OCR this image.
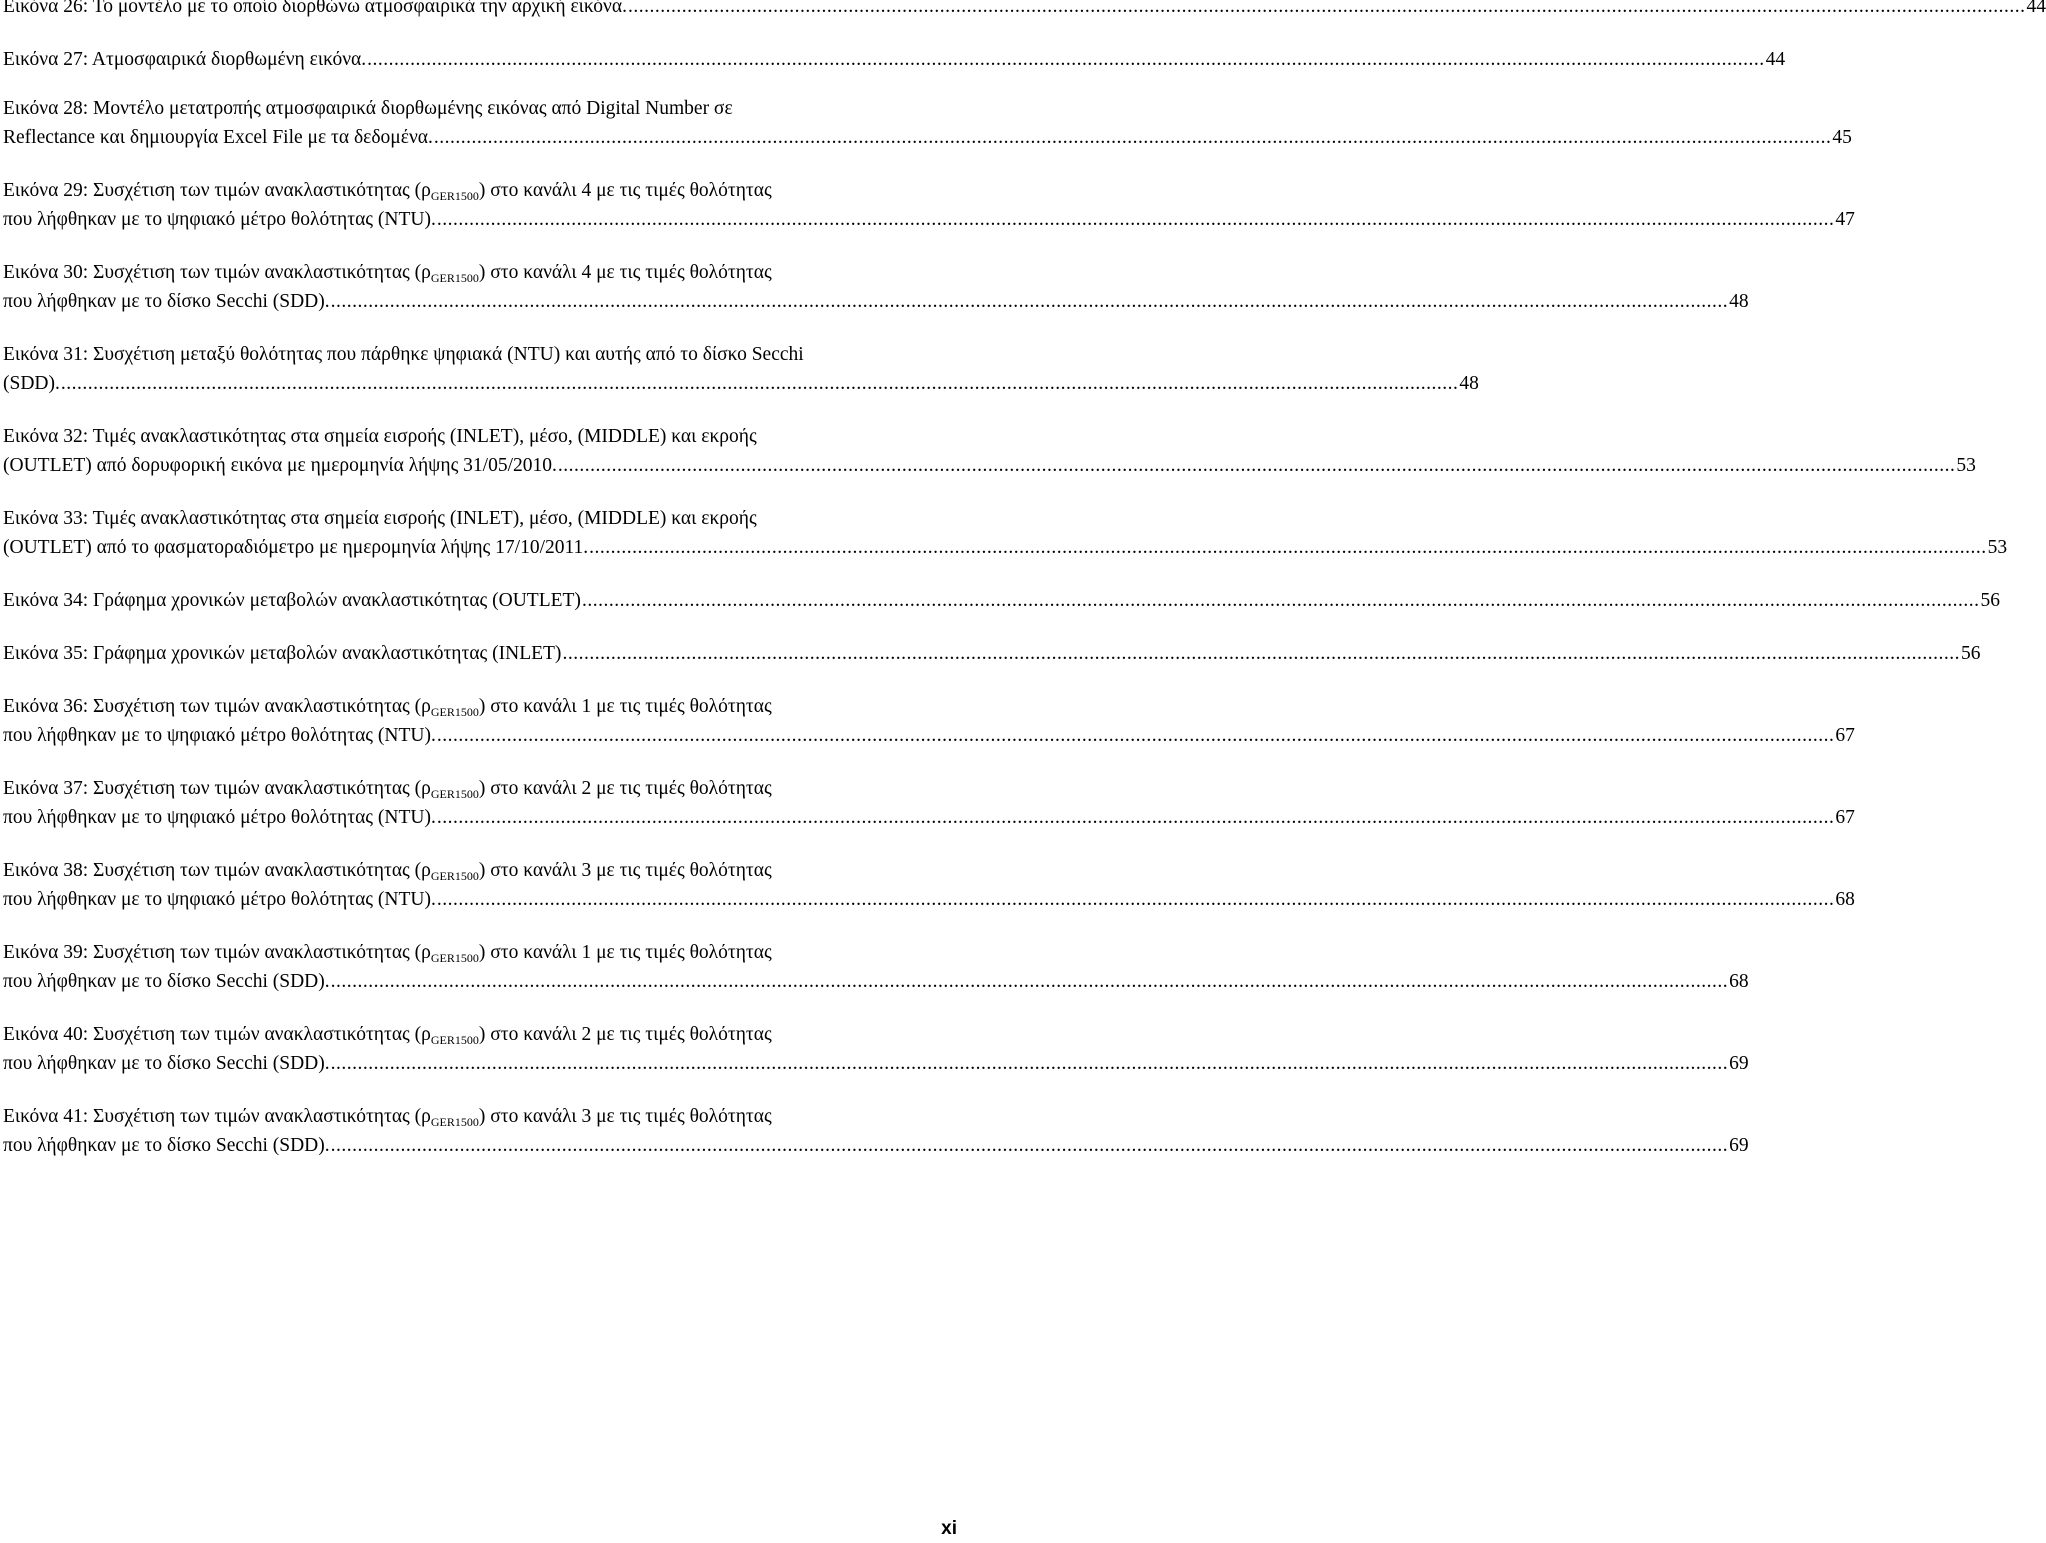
Εικόνα 26: Το μοντέλο με το οποίο διορθώνω ατμοσφαιρικά την αρχική εικόνα. .................................................................................................................................................................................................................................................................... 44
Εικόνα 27: Ατμοσφαιρικά διορθωμένη εικόνα. .................................................................................................................................................................................................................................................................... 44
Εικόνα 28: Μοντέλο μετατροπής ατμοσφαιρικά διορθωμένης εικόνας από Digital Number σε
Reflectance και δημιουργία Excel File με τα δεδομένα. .................................................................................................................................................................................................................................................................... 45
Εικόνα 29: Συσχέτιση των τιμών ανακλαστικότητας $(\rho_{GER1500})$ στο κανάλι 4 με τις τιμές θολότητας
που λήφθηκαν με το ψηφιακό μέτρο θολότητας (NTU). .................................................................................................................................................................................................................................................................... 47
Εικόνα 30: Συσχέτιση των τιμών ανακλαστικότητας $(\rho_{GER1500})$ στο κανάλι 4 με τις τιμές θολότητας
που λήφθηκαν με το δίσκο Secchi (SDD). .................................................................................................................................................................................................................................................................... 48
Εικόνα 31: Συσχέτιση μεταξύ θολότητας που πάρθηκε ψηφιακά (NTU) και αυτής από το δίσκο Secchi
(SDD). .................................................................................................................................................................................................................................................................... 48
Εικόνα 32: Τιμές ανακλαστικότητας στα σημεία εισροής (INLET), μέσο, (MIDDLE) και εκροής
(OUTLET) από δορυφορική εικόνα με ημερομηνία λήψης 31/05/2010. .................................................................................................................................................................................................................................................................... 53
Εικόνα 33: Τιμές ανακλαστικότητας στα σημεία εισροής (INLET), μέσο, (MIDDLE) και εκροής
(OUTLET) από το φασματοραδιόμετρο με ημερομηνία λήψης 17/10/2011. .................................................................................................................................................................................................................................................................... 53
Εικόνα 34: Γράφημα χρονικών μεταβολών ανακλαστικότητας (OUTLET) .................................................................................................................................................................................................................................................................... 56
Εικόνα 35: Γράφημα χρονικών μεταβολών ανακλαστικότητας (INLET) .................................................................................................................................................................................................................................................................... 56
Εικόνα 36: Συσχέτιση των τιμών ανακλαστικότητας $(\rho_{GER1500})$ στο κανάλι 1 με τις τιμές θολότητας
που λήφθηκαν με το ψηφιακό μέτρο θολότητας (NTU). .................................................................................................................................................................................................................................................................... 67
Εικόνα 37: Συσχέτιση των τιμών ανακλαστικότητας $(\rho_{GER1500})$ στο κανάλι 2 με τις τιμές θολότητας
που λήφθηκαν με το ψηφιακό μέτρο θολότητας (NTU). .................................................................................................................................................................................................................................................................... 67
Εικόνα 38: Συσχέτιση των τιμών ανακλαστικότητας $(\rho_{GER1500})$ στο κανάλι 3 με τις τιμές θολότητας
που λήφθηκαν με το ψηφιακό μέτρο θολότητας (NTU). .................................................................................................................................................................................................................................................................... 68
Εικόνα 39: Συσχέτιση των τιμών ανακλαστικότητας $(\rho_{GER1500})$ στο κανάλι 1 με τις τιμές θολότητας
που λήφθηκαν με το δίσκο Secchi (SDD). .................................................................................................................................................................................................................................................................... 68
Εικόνα 40: Συσχέτιση των τιμών ανακλαστικότητας $(\rho_{GER1500})$ στο κανάλι 2 με τις τιμές θολότητας
που λήφθηκαν με το δίσκο Secchi (SDD). .................................................................................................................................................................................................................................................................... 69
Εικόνα 41: Συσχέτιση των τιμών ανακλαστικότητας $(\rho_{GER1500})$ στο κανάλι 3 με τις τιμές θολότητας
που λήφθηκαν με το δίσκο Secchi (SDD). .................................................................................................................................................................................................................................................................... 69
xi
